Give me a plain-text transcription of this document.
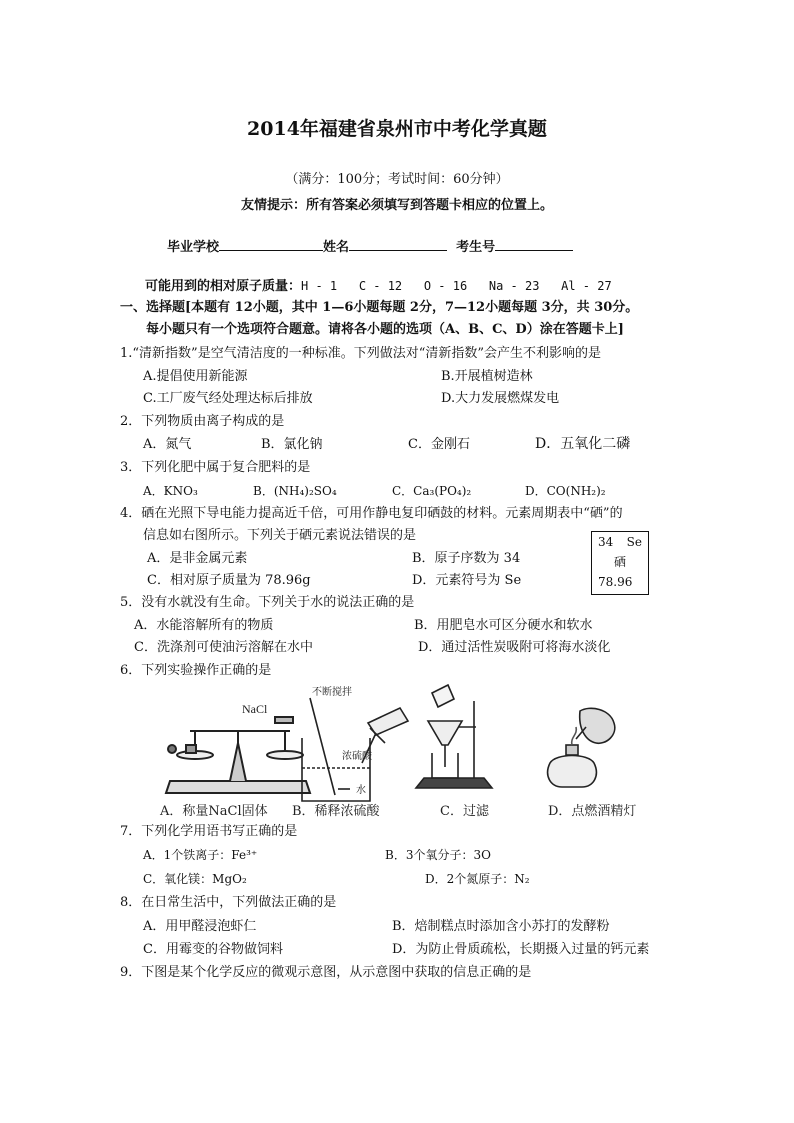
2014年福建省泉州市中考化学真题
（满分：100分；考试时间：60分钟）
友情提示：所有答案必须填写到答题卡相应的位置上。
毕业学校	姓名	考生号
可能用到的相对原子质量：H - 1   C - 12   O - 16   Na - 23   Al - 27
一、选择题[本题有 12小题，其中 1—6小题每题 2分，7—12小题每题 3分，共 30分。
每小题只有一个选项符合题意。请将各小题的选项（A、B、C、D）涂在答题卡上]
1.“清新指数”是空气清洁度的一种标准。下列做法对“清新指数”会产生不利影响的是
A.提倡使用新能源	B.开展植树造林
C.工厂废气经处理达标后排放	D.大力发展燃煤发电
2．下列物质由离子构成的是
A．氮气	B．氯化钠	C．金刚石	D．五氧化二磷
3．下列化肥中属于复合肥料的是
A．KNO₃	B．(NH₄)₂SO₄	C．Ca₃(PO₄)₂	D．CO(NH₂)₂
4．硒在光照下导电能力提高近千倍，可用作静电复印硒鼓的材料。元素周期表中“硒”的
信息如右图所示。下列关于硒元素说法错误的是
A．是非金属元素	B．原子序数为 34
C．相对原子质量为 78.96g	D．元素符号为 Se
34 Se
硒
78.96
5．没有水就没有生命。下列关于水的说法正确的是
A．水能溶解所有的物质	B．用肥皂水可区分硬水和软水
C．洗涤剂可使油污溶解在水中	D．通过活性炭吸附可将海水淡化
6．下列实验操作正确的是
NaCl
不断搅拌
浓硫酸
水
A．称量NaCl固体 B．稀释浓硫酸	C．过滤	D．点燃酒精灯
7．下列化学用语书写正确的是
A．1个铁离子：Fe³⁺	B．3个氧分子：3O
C．氧化镁：MgO₂	D．2个氮原子：N₂
8．在日常生活中，下列做法正确的是
A．用甲醛浸泡虾仁	B．焙制糕点时添加含小苏打的发酵粉
C．用霉变的谷物做饲料	D．为防止骨质疏松，长期摄入过量的钙元素
9．下图是某个化学反应的微观示意图，从示意图中获取的信息正确的是
